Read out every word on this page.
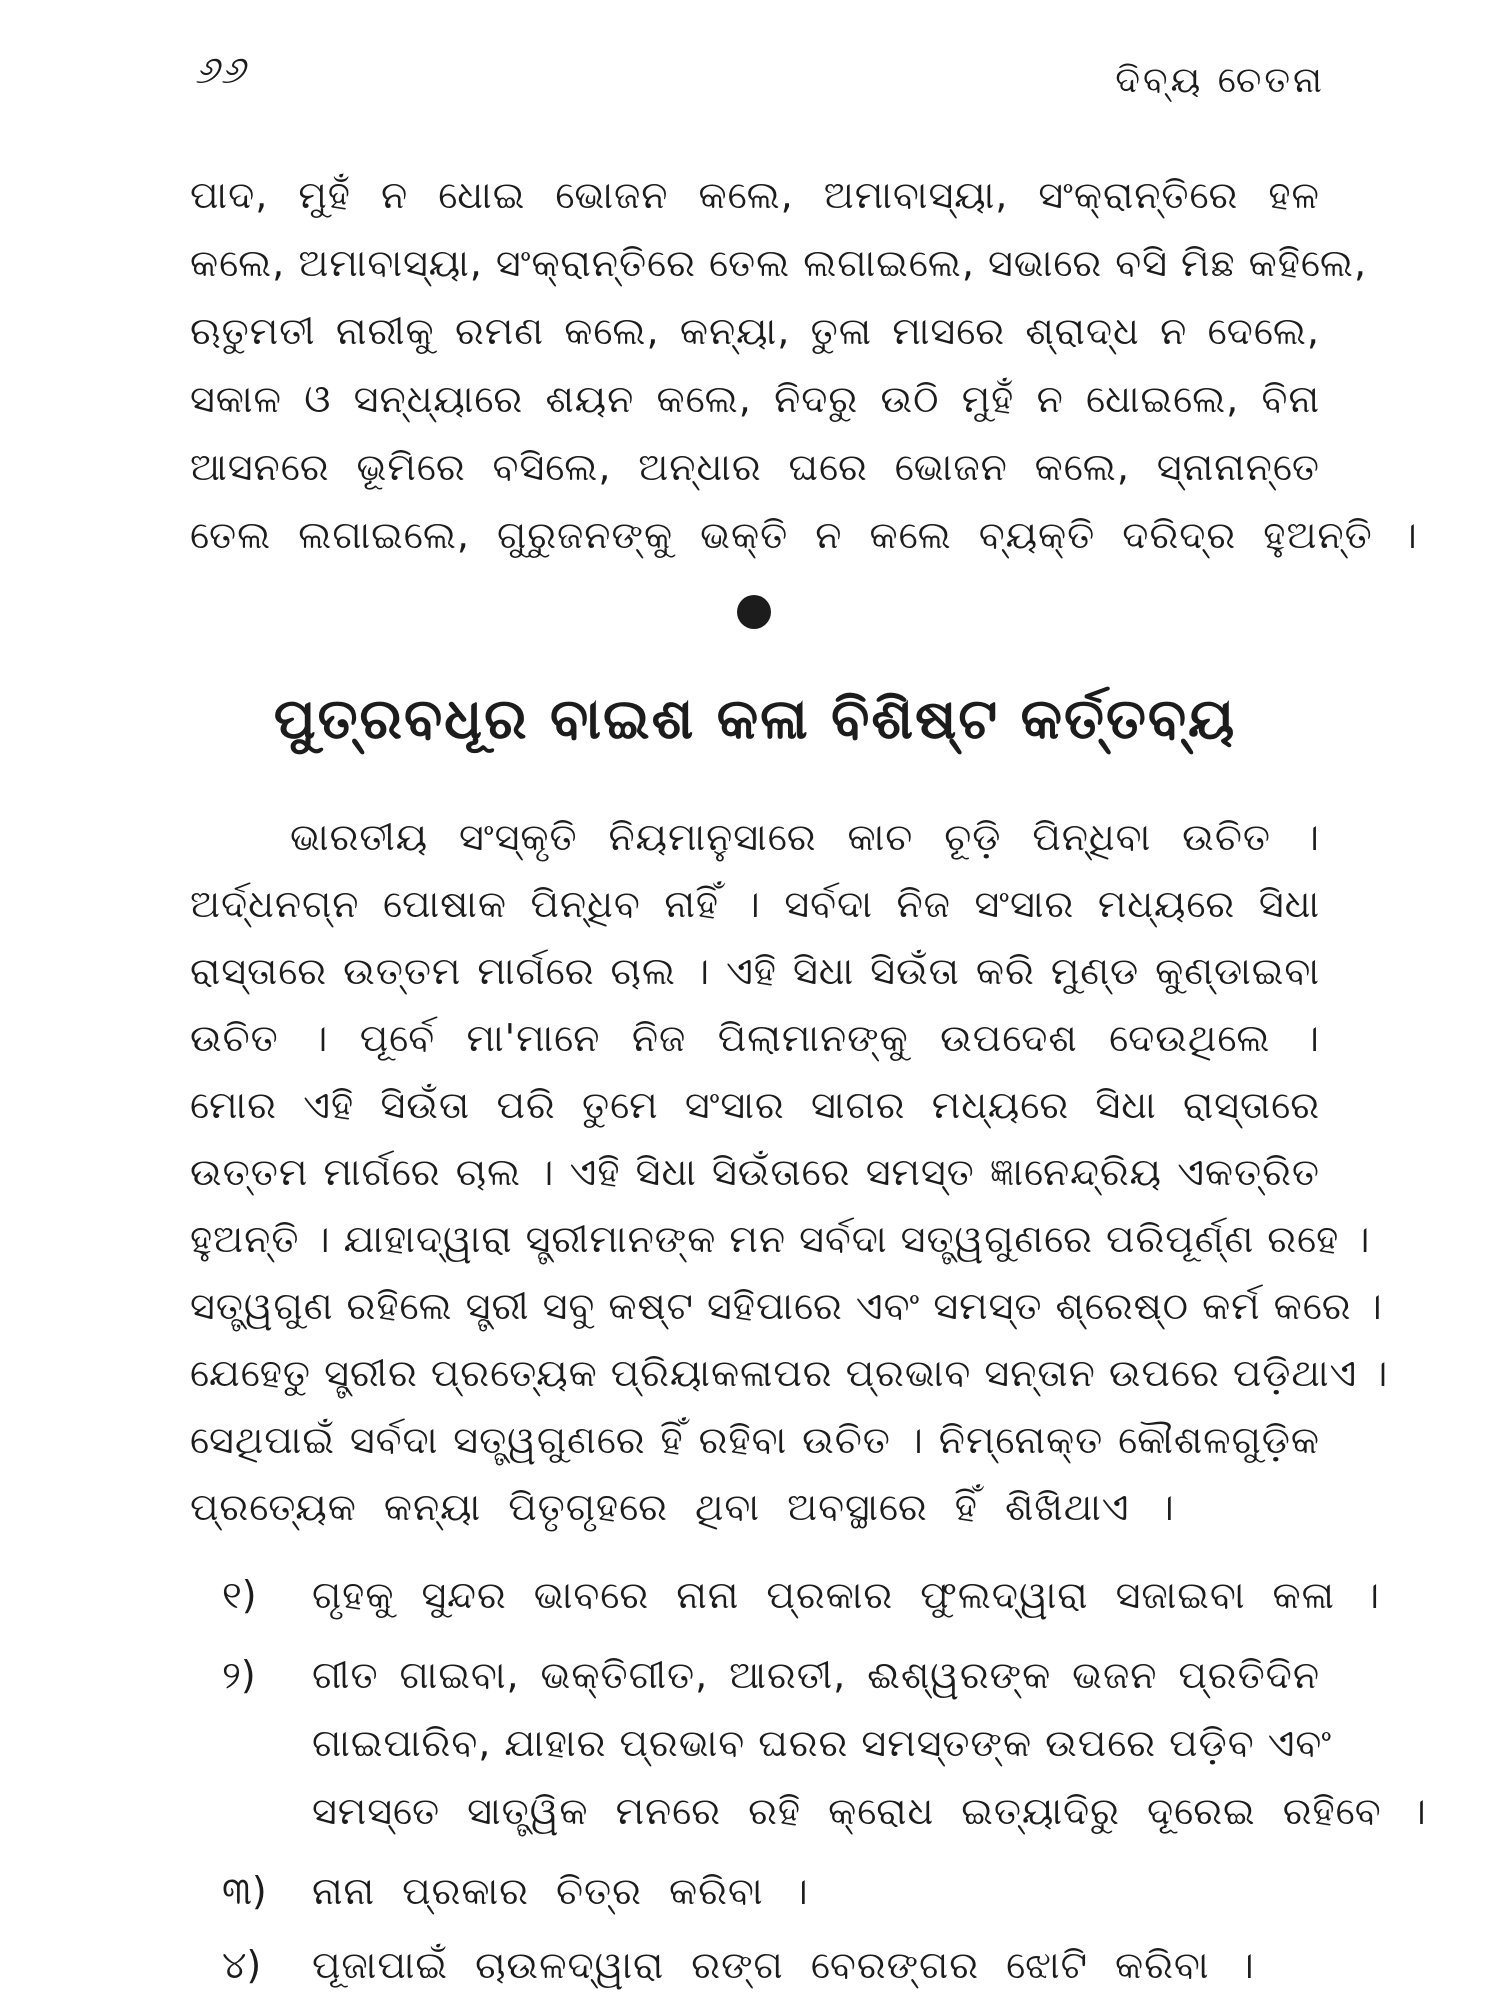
୬୬	ଦିବ୍ୟ ଚେତନା
ପାଦ, ମୁହଁ ନ ଧୋଇ ଭୋଜନ କଲେ, ଅମାବାସ୍ୟା, ସଂକ୍ରାନ୍ତିରେ ହଳ
କଲେ, ଅମାବାସ୍ୟା, ସଂକ୍ରାନ୍ତିରେ ତେଲ ଲଗାଇଲେ, ସଭାରେ ବସି ମିଛ କହିଲେ,
ଋତୁମତୀ ନାରୀକୁ ରମଣ କଲେ, କନ୍ୟା, ତୁଳା ମାସରେ ଶ୍ରାଦ୍ଧ ନ ଦେଲେ,
ସକାଳ ଓ ସନ୍ଧ୍ୟାରେ ଶୟନ କଲେ, ନିଦରୁ ଉଠି ମୁହଁ ନ ଧୋଇଲେ, ବିନା
ଆସନରେ ଭୂମିରେ ବସିଲେ, ଅନ୍ଧାର ଘରେ ଭୋଜନ କଲେ, ସ୍ନାନାନ୍ତେ
ତେଲ ଲଗାଇଲେ, ଗୁରୁଜନଙ୍କୁ ଭକ୍ତି ନ କଲେ ବ୍ୟକ୍ତି ଦରିଦ୍ର ହୁଅନ୍ତି ।
ପୁତ୍ରବଧୂର ବାଇଶ କଳା ବିଶିଷ୍ଟ କର୍ତ୍ତବ୍ୟ
ଭାରତୀୟ ସଂସ୍କୃତି ନିୟମାନୁସାରେ କାଚ ଚୂଡ଼ି ପିନ୍ଧିବା ଉଚିତ ।
ଅର୍ଦ୍ଧନଗ୍ନ ପୋଷାକ ପିନ୍ଧିବ ନାହିଁ । ସର୍ବଦା ନିଜ ସଂସାର ମଧ୍ୟରେ ସିଧା
ରାସ୍ତାରେ ଉତ୍ତମ ମାର୍ଗରେ ଚାଲ । ଏହି ସିଧା ସିଉଁତା କରି ମୁଣ୍ଡ କୁଣ୍ଡାଇବା
ଉଚିତ । ପୂର୍ବେ ମା'ମାନେ ନିଜ ପିଲାମାନଙ୍କୁ ଉପଦେଶ ଦେଉଥିଲେ ।
ମୋର ଏହି ସିଉଁତା ପରି ତୁମେ ସଂସାର ସାଗର ମଧ୍ୟରେ ସିଧା ରାସ୍ତାରେ
ଉତ୍ତମ ମାର୍ଗରେ ଚାଲ । ଏହି ସିଧା ସିଉଁତାରେ ସମସ୍ତ ଜ୍ଞାନେନ୍ଦ୍ରିୟ ଏକତ୍ରିତ
ହୁଅନ୍ତି । ଯାହାଦ୍ୱାରା ସ୍ତ୍ରୀମାନଙ୍କ ମନ ସର୍ବଦା ସତ୍ତ୍ୱଗୁଣରେ ପରିପୂର୍ଣ୍ଣ ରହେ ।
ସତ୍ତ୍ୱଗୁଣ ରହିଲେ ସ୍ତ୍ରୀ ସବୁ କଷ୍ଟ ସହିପାରେ ଏବଂ ସମସ୍ତ ଶ୍ରେଷ୍ଠ କର୍ମ କରେ ।
ଯେହେତୁ ସ୍ତ୍ରୀର ପ୍ରତ୍ୟେକ ପ୍ରିୟାକଳାପର ପ୍ରଭାବ ସନ୍ତାନ ଉପରେ ପଡ଼ିଥାଏ ।
ସେଥିପାଇଁ ସର୍ବଦା ସତ୍ତ୍ୱଗୁଣରେ ହିଁ ରହିବା ଉଚିତ । ନିମ୍ନୋକ୍ତ କୌଶଳଗୁଡ଼ିକ
ପ୍ରତ୍ୟେକ କନ୍ୟା ପିତୃଗୃହରେ ଥିବା ଅବସ୍ଥାରେ ହିଁ ଶିଖିଥାଏ ।
୧)	ଗୃହକୁ ସୁନ୍ଦର ଭାବରେ ନାନା ପ୍ରକାର ଫୁଲଦ୍ୱାରା ସଜାଇବା କଳା ।
୨)	ଗୀତ ଗାଇବା, ଭକ୍ତିଗୀତ, ଆରତୀ, ଈଶ୍ୱରଙ୍କ ଭଜନ ପ୍ରତିଦିନ
ଗାଇପାରିବ, ଯାହାର ପ୍ରଭାବ ଘରର ସମସ୍ତଙ୍କ ଉପରେ ପଡ଼ିବ ଏବଂ
ସମସ୍ତେ ସାତ୍ତ୍ୱିକ ମନରେ ରହି କ୍ରୋଧ ଇତ୍ୟାଦିରୁ ଦୂରେଇ ରହିବେ ।
୩)	ନାନା ପ୍ରକାର ଚିତ୍ର କରିବା ।
୪)	ପୂଜାପାଇଁ ଚାଉଳଦ୍ୱାରା ରଙ୍ଗ ବେରଙ୍ଗର ଝୋଟି କରିବା ।
